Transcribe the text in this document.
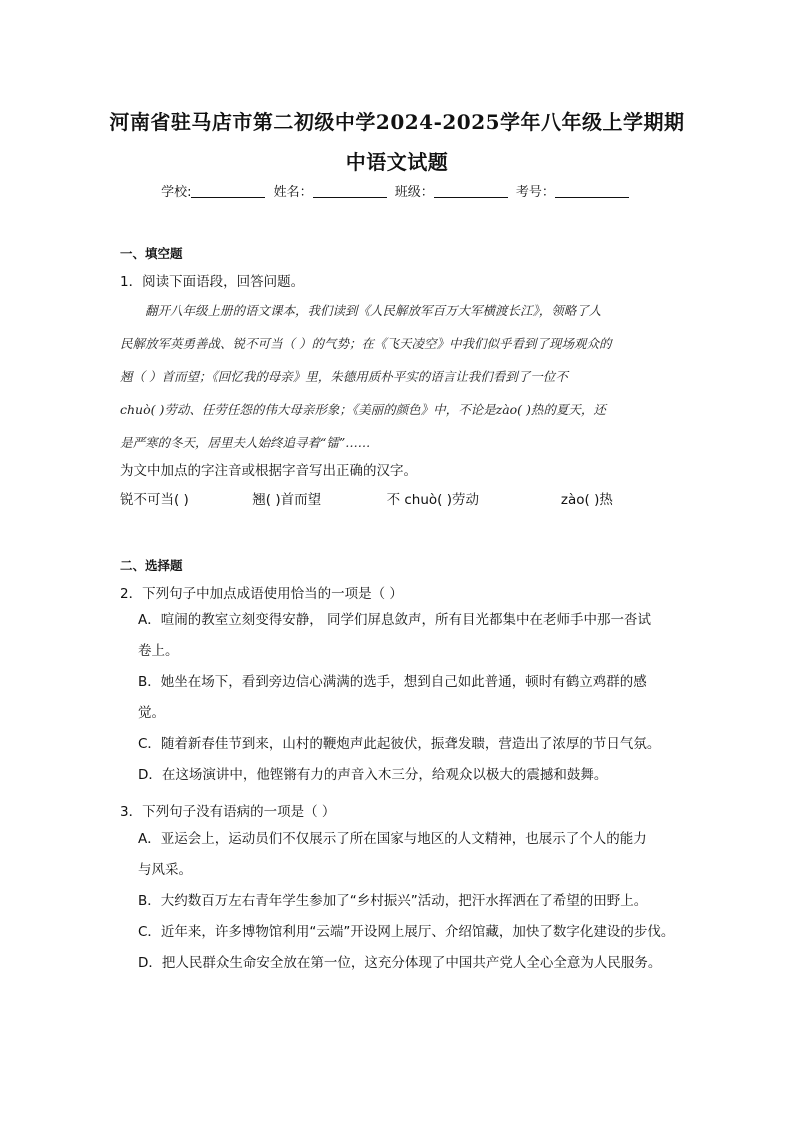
河南省驻马店市第二初级中学2024-2025学年八年级上学期期
中语文试题
学校:	姓名：	班级：	考号：
一、填空题
1．阅读下面语段，回答问题。

翻开八年级上册的语文课本，我们读到《人民解放军百万大军横渡长江》，领略了人

民解放军英勇善战、锐不可当（ ）的气势；在《飞天凌空》中我们似乎看到了现场观众的

翘（ ）首而望；《回忆我的母亲》里，朱德用质朴平实的语言让我们看到了一位不

chuò( )劳动、任劳任怨的伟大母亲形象；《美丽的颜色》中，不论是zào( )热的夏天，还

是严寒的冬天，居里夫人始终追寻着“镭”……

为文中加点的字注音或根据字音写出正确的汉字。
锐不可当( )	翘( )首而望	不 chuò( )劳动	zào( )热
二、选择题
2．下列句子中加点成语使用恰当的一项是（ ）

A．喧闹的教室立刻变得安静， 同学们屏息敛声，所有目光都集中在老师手中那一沓试

卷上。

B．她坐在场下，看到旁边信心满满的选手，想到自己如此普通，顿时有鹤立鸡群的感

觉。

C．随着新春佳节到来，山村的鞭炮声此起彼伏，振聋发聩，营造出了浓厚的节日气氛。

D．在这场演讲中，他铿锵有力的声音入木三分，给观众以极大的震撼和鼓舞。

3．下列句子没有语病的一项是（ ）

A．亚运会上，运动员们不仅展示了所在国家与地区的人文精神，也展示了个人的能力

与风采。

B．大约数百万左右青年学生参加了“乡村振兴”活动，把汗水挥洒在了希望的田野上。

C．近年来，许多博物馆利用“云端”开设网上展厅、介绍馆藏，加快了数字化建设的步伐。

D．把人民群众生命安全放在第一位，这充分体现了中国共产党人全心全意为人民服务。
